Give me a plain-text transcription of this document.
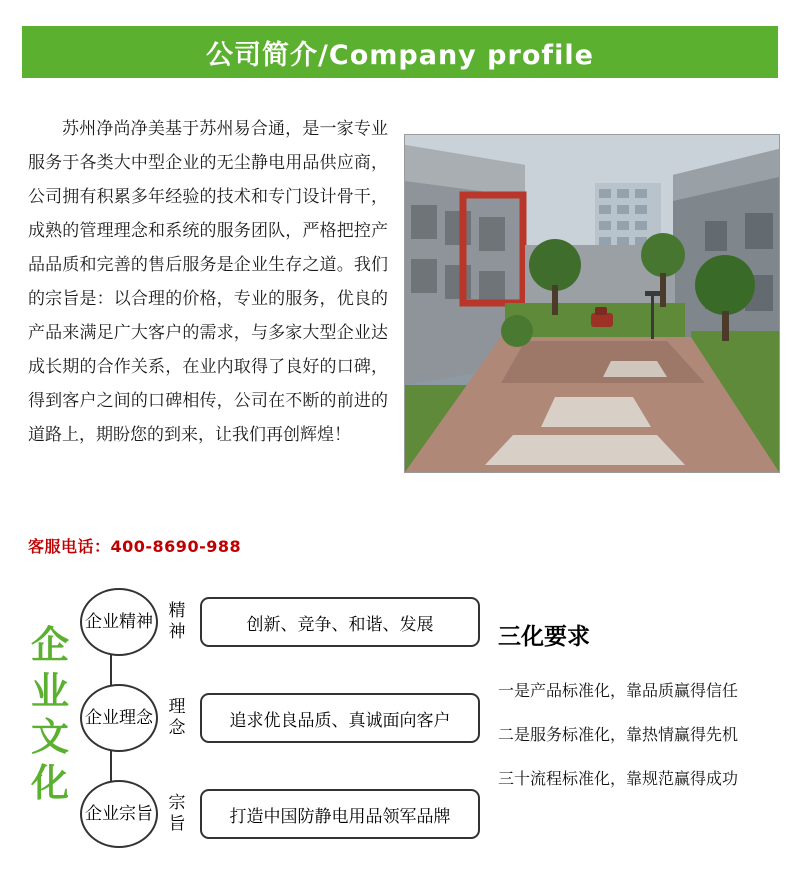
公司简介/Company profile
苏州净尚净美基于苏州易合通，是一家专业服务于各类大中型企业的无尘静电用品供应商，公司拥有积累多年经验的技术和专门设计骨干，成熟的管理理念和系统的服务团队，严格把控产品品质和完善的售后服务是企业生存之道。我们的宗旨是：以合理的价格，专业的服务，优良的产品来满足广大客户的需求，与多家大型企业达成长期的合作关系，在业内取得了良好的口碑，得到客户之间的口碑相传，公司在不断的前进的道路上，期盼您的到来，让我们再创辉煌！
客服电话：400-8690-988
企业文化
企业精神
精神	创新、竞争、和谐、发展
企业理念
理念	追求优良品质、真诚面向客户
企业宗旨
宗旨	打造中国防静电用品领军品牌
三化要求
一是产品标准化，靠品质赢得信任
二是服务标准化，靠热情赢得先机
三十流程标准化，靠规范赢得成功
